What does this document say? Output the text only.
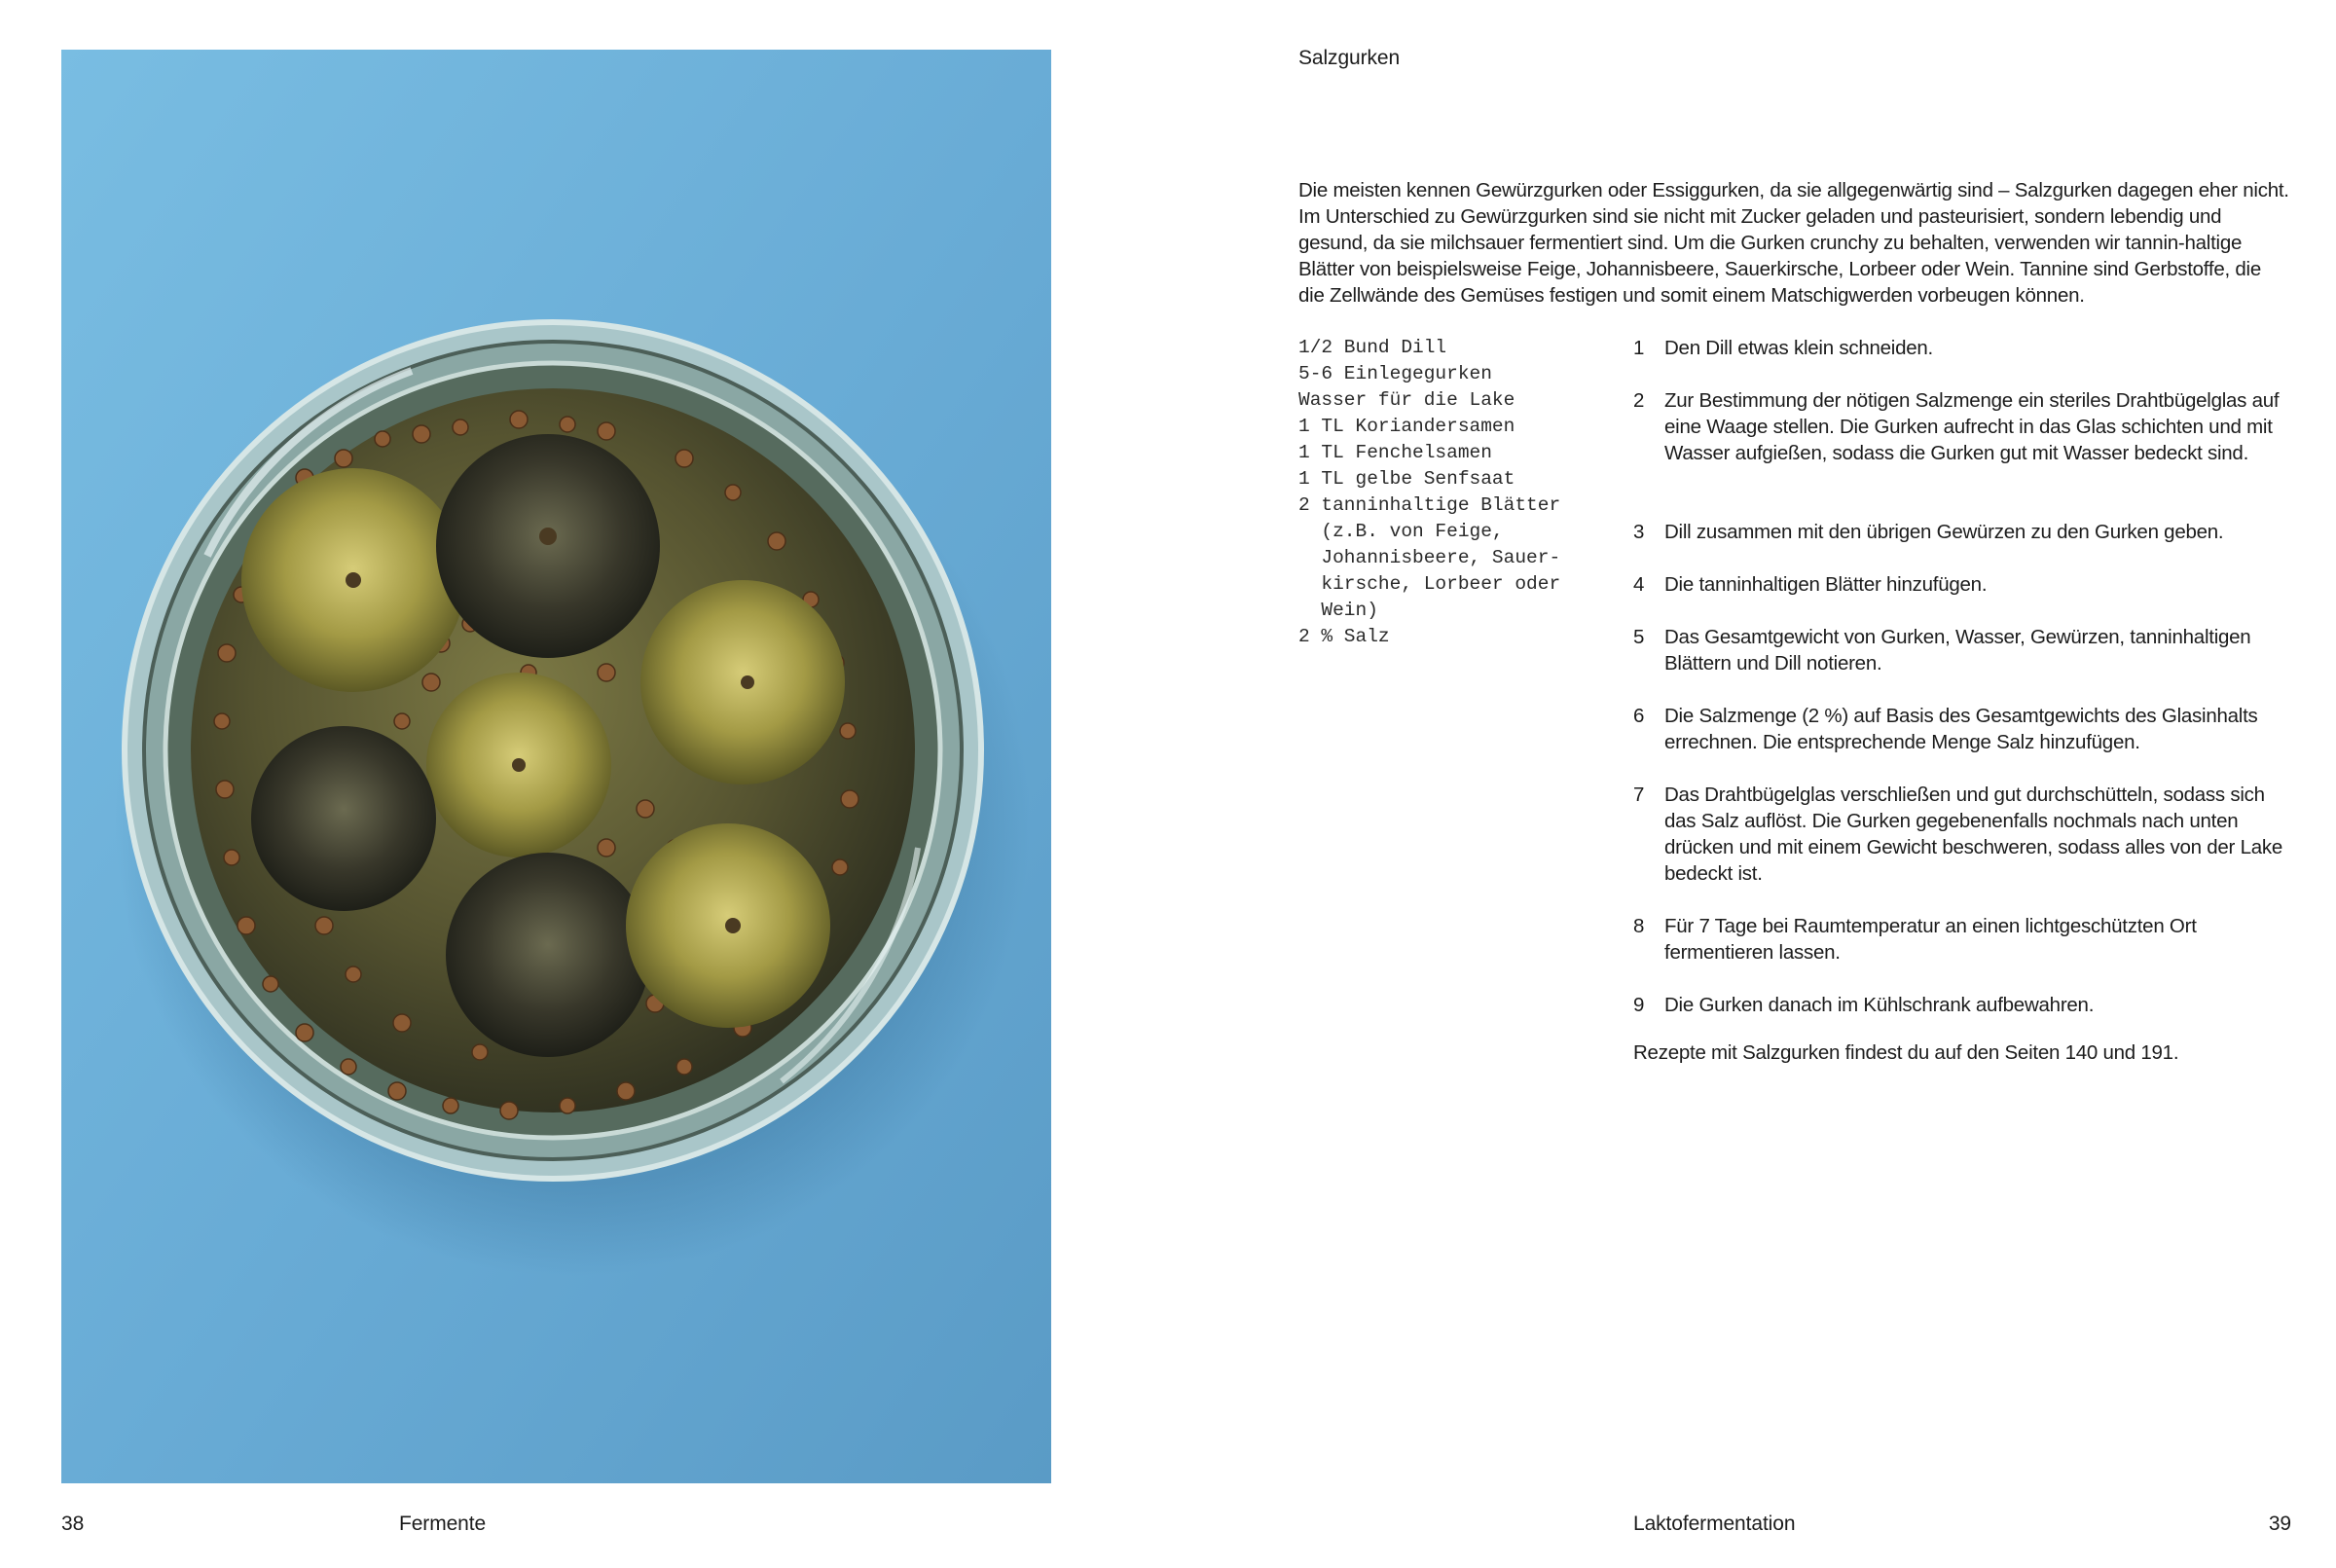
Salzgurken

Die meisten kennen Gewürzgurken oder Essiggurken, da sie allgegenwärtig sind – Salzgurken dagegen eher nicht. Im Unterschied zu Gewürzgurken sind sie nicht mit Zucker geladen und pasteurisiert, sondern lebendig und gesund, da sie milchsauer fermentiert sind. Um die Gurken crunchy zu behalten, verwenden wir tannin-haltige Blätter von beispielsweise Feige, Johannisbeere, Sauerkirsche, Lorbeer oder Wein. Tannine sind Gerbstoffe, die die Zellwände des Gemüses festigen und somit einem Matschigwerden vorbeugen können.

1/2 Bund Dill
5-6 Einlegegurken
Wasser für die Lake
1 TL Koriandersamen
1 TL Fenchelsamen
1 TL gelbe Senfsaat
2 tanninhaltige Blätter
(z.B. von Feige,
Johannisbeere, Sauer-
kirsche, Lorbeer oder
Wein)
2 % Salz
1	Den Dill etwas klein schneiden.
2	Zur Bestimmung der nötigen Salzmenge ein steriles Drahtbügelglas auf eine Waage stellen. Die Gurken aufrecht in das Glas schichten und mit Wasser aufgießen, sodass die Gurken gut mit Wasser bedeckt sind.
3	Dill zusammen mit den übrigen Gewürzen zu den Gurken geben.
4	Die tanninhaltigen Blätter hinzufügen.
5	Das Gesamtgewicht von Gurken, Wasser, Gewürzen, tanninhaltigen Blättern und Dill notieren.
6	Die Salzmenge (2 %) auf Basis des Gesamtgewichts des Glasinhalts errechnen. Die entsprechende Menge Salz hinzufügen.
7	Das Drahtbügelglas verschließen und gut durchschütteln, sodass sich das Salz auflöst. Die Gurken gegebenenfalls nochmals nach unten drücken und mit einem Gewicht beschweren, sodass alles von der Lake bedeckt ist.
8	Für 7 Tage bei Raumtemperatur an einen lichtgeschützten Ort fermentieren lassen.
9	Die Gurken danach im Kühlschrank aufbewahren.
Rezepte mit Salzgurken findest du auf den Seiten 140 und 191.
38	Fermente	Laktofermentation	39
